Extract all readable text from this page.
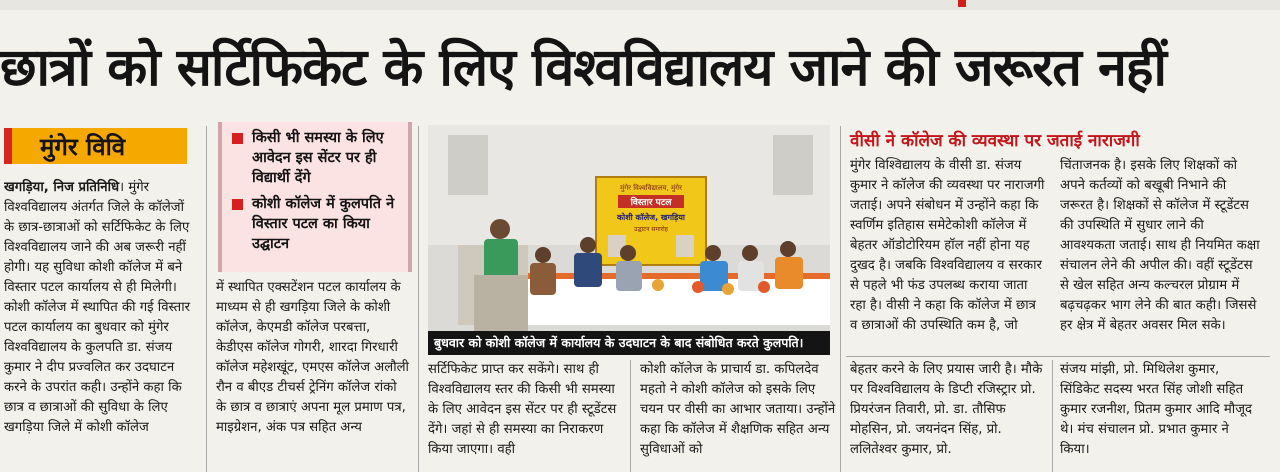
छात्रों को सर्टिफिकेट के लिए विश्वविद्यालय जाने की जरूरत नहीं
मुंगेर विवि

खगड़िया, निज प्रतिनिधि। मुंगेर विश्वविद्यालय अंतर्गत जिले के कॉलेजों के छात्र-छात्राओं को सर्टिफिकेट के लिए विश्वविद्यालय जाने की अब जरूरी नहीं होगी। यह सुविधा कोशी कॉलेज में बने विस्तार पटल कार्यालय से ही मिलेगी। कोशी कॉलेज में स्थापित की गई विस्तार पटल कार्यालय का बुधवार को मुंगेर विश्वविद्यालय के कुलपति डा. संजय कुमार ने दीप प्रज्वलित कर उदघाटन करने के उपरांत कही। उन्होंने कहा कि छात्र व छात्राओं की सुविधा के लिए खगड़िया जिले में कोशी कॉलेज

किसी भी समस्या के लिए आवेदन इस सेंटर पर ही विद्यार्थी देंगे
कोशी कॉलेज में कुलपति ने विस्तार पटल का किया उद्घाटन

में स्थापित एक्सटेंशन पटल कार्यालय के माध्यम से ही खगड़िया जिले के कोशी कॉलेज, केएमडी कॉलेज परबत्ता, केडीएस कॉलेज गोगरी, शारदा गिरधारी कॉलेज महेशखूंट, एमएस कॉलेज अलौली रौन व बीएड टीचर्स ट्रेनिंग कॉलेज रांको के छात्र व छात्राएं अपना मूल प्रमाण पत्र, माइग्रेशन, अंक पत्र सहित अन्य

मुंगेर विश्वविद्यालय, मुंगेर
विस्तार पटल
कोशी कॉलेज, खगड़िया
उद्घाटन समारोह
बुधवार को कोशी कॉलेज में कार्यालय के उदघाटन के बाद संबोधित करते कुलपति।

सर्टिफिकेट प्राप्त कर सकेंगे। साथ ही विश्वविद्यालय स्तर की किसी भी समस्या के लिए आवेदन इस सेंटर पर ही स्टूडेंटस देंगे। जहां से ही समस्या का निराकरण किया जाएगा। वही

कोशी कॉलेज के प्राचार्य डा. कपिलदेव महतो ने कोशी कॉलेज को इसके लिए चयन पर वीसी का आभार जताया। उन्होंने कहा कि कॉलेज में शैक्षणिक सहित अन्य सुविधाओं को

वीसी ने कॉलेज की व्यवस्था पर जताई नाराजगी

मुंगेर विश्विद्यालय के वीसी डा. संजय कुमार ने कॉलेज की व्यवस्था पर नाराजगी जताई। अपने संबोधन में उन्होंने कहा कि स्वर्णिम इतिहास समेटेकोशी कॉलेज में बेहतर ऑडोटोरियम हॉल नहीं होना यह दुखद है। जबकि विश्वविद्यालय व सरकार से पहले भी फंड उपलब्ध कराया जाता रहा है। वीसी ने कहा कि कॉलेज में छात्र व छात्राओं की उपस्थिति कम है, जो

चिंताजनक है। इसके लिए शिक्षकों को अपने कर्तव्यों को बखूबी निभाने की जरूरत है। शिक्षकों से कॉलेज में स्टूडेंटस की उपस्थिति में सुधार लाने की आवश्यकता जताई। साथ ही नियमित कक्षा संचालन लेने की अपील की। वहीं स्टूडेंटस से खेल सहित अन्य कल्चरल प्रोग्राम में बढ़चढ़कर भाग लेने की बात कही। जिससे हर क्षेत्र में बेहतर अवसर मिल सके।

बेहतर करने के लिए प्रयास जारी है। मौके पर विश्वविद्यालय के डिप्टी रजिस्ट्रार प्रो. प्रियरंजन तिवारी, प्रो. डा. तौसिफ मोहसिन, प्रो. जयनंदन सिंह, प्रो. ललितेश्वर कुमार, प्रो.

संजय मांझी, प्रो. मिथिलेश कुमार, सिंडिकेट सदस्य भरत सिंह जोशी सहित कुमार रजनीश, प्रितम कुमार आदि मौजूद थे। मंच संचालन प्रो. प्रभात कुमार ने किया।
